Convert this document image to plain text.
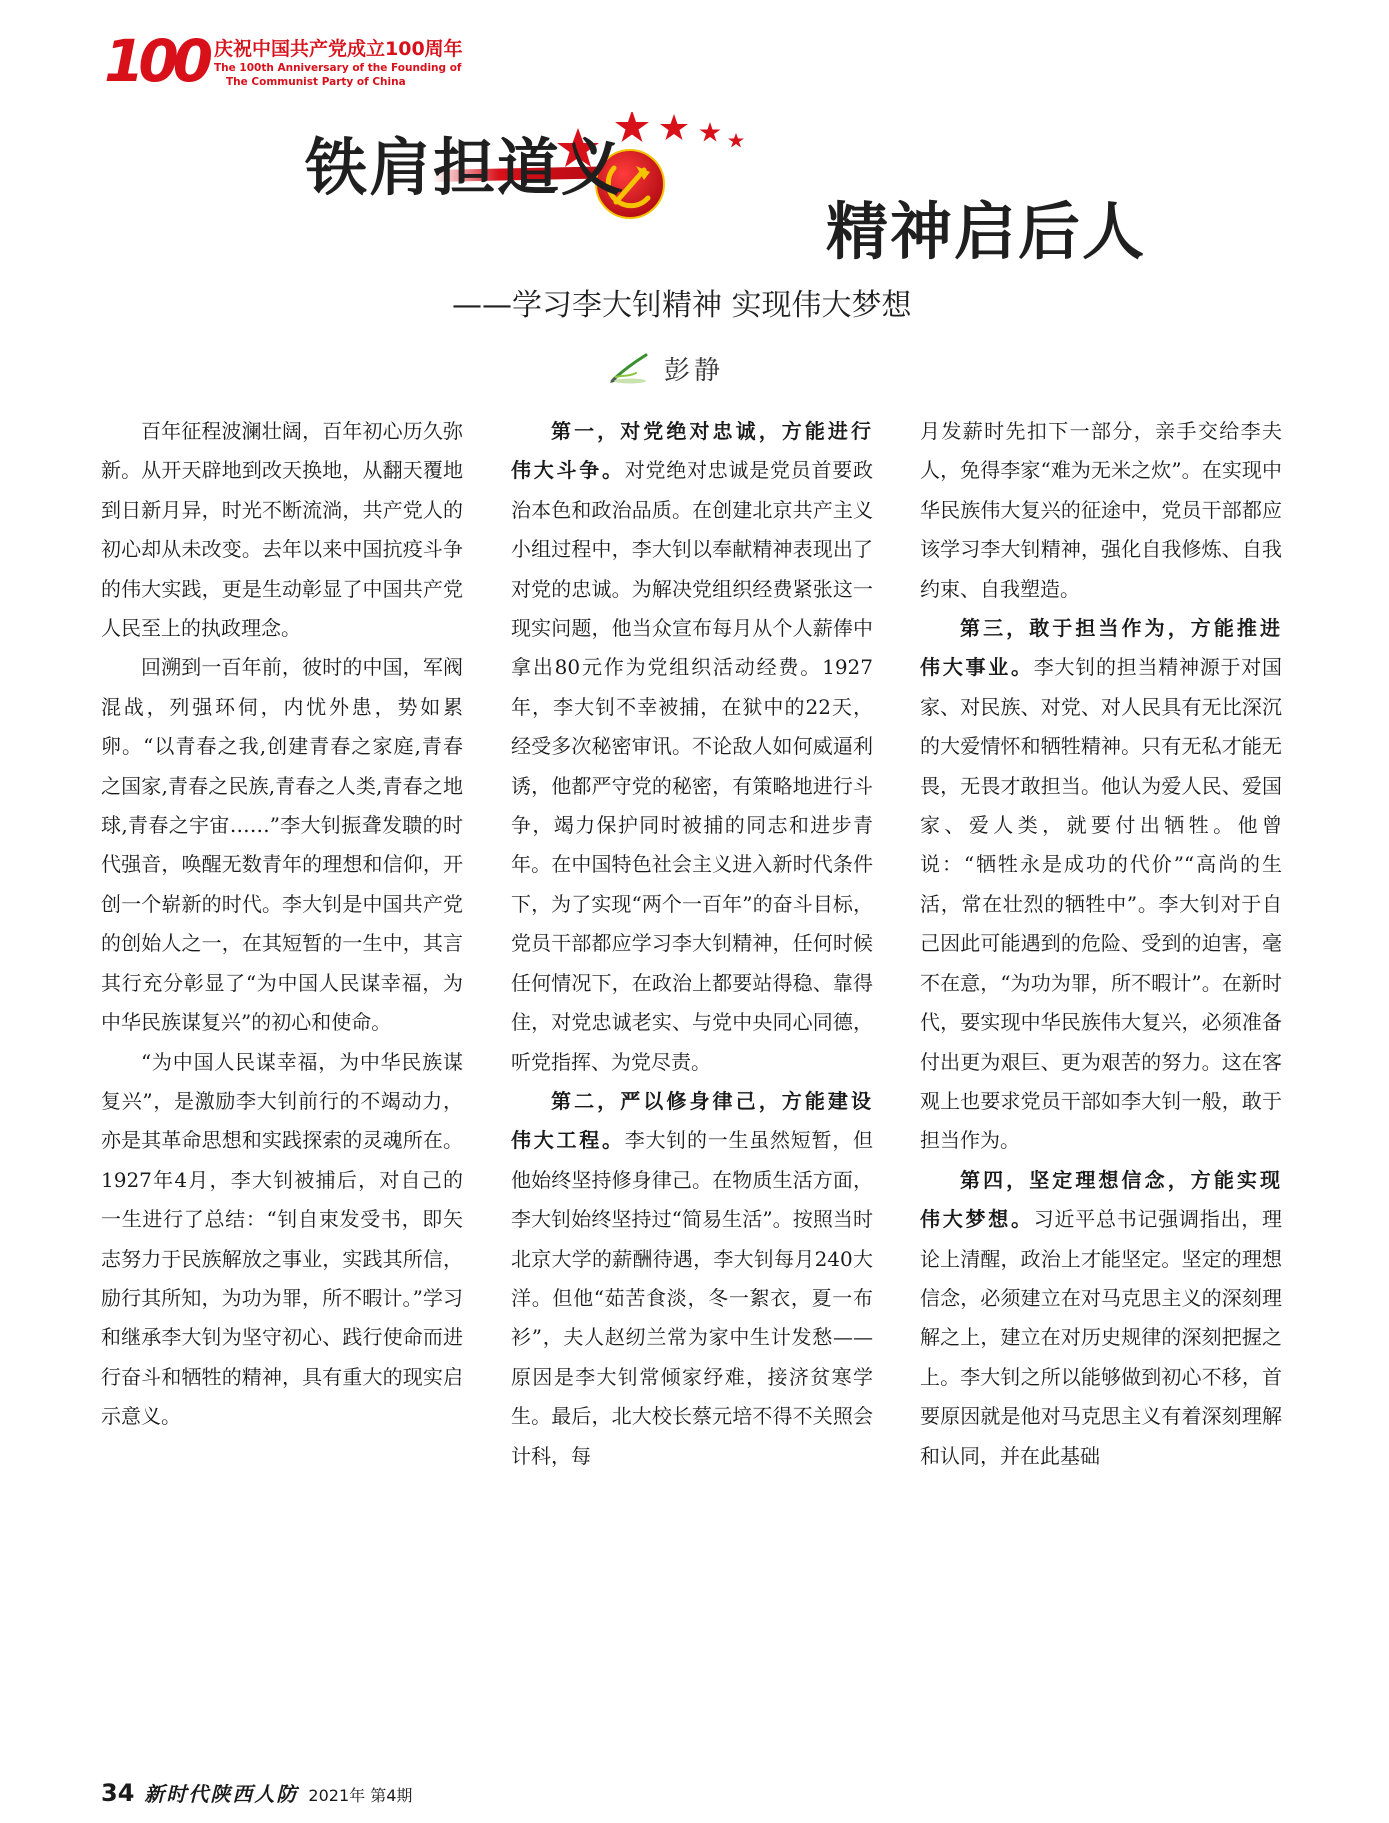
100 庆祝中国共产党成立100周年
The 100th Anniversary of the Founding of
The Communist Party of China
铁肩担道义
精神启后人
——学习李大钊精神 实现伟大梦想
彭静

百年征程波澜壮阔，百年初心历久弥新。从开天辟地到改天换地，从翻天覆地到日新月异，时光不断流淌，共产党人的初心却从未改变。去年以来中国抗疫斗争的伟大实践，更是生动彰显了中国共产党人民至上的执政理念。

回溯到一百年前，彼时的中国，军阀混战，列强环伺，内忧外患，势如累卵。“以青春之我,创建青春之家庭,青春之国家,青春之民族,青春之人类,青春之地球,青春之宇宙……”李大钊振聋发聩的时代强音，唤醒无数青年的理想和信仰，开创一个崭新的时代。李大钊是中国共产党的创始人之一，在其短暂的一生中，其言其行充分彰显了“为中国人民谋幸福，为中华民族谋复兴”的初心和使命。

“为中国人民谋幸福，为中华民族谋复兴”，是激励李大钊前行的不竭动力，亦是其革命思想和实践探索的灵魂所在。1927年4月，李大钊被捕后，对自己的一生进行了总结：“钊自束发受书，即矢志努力于民族解放之事业，实践其所信，励行其所知，为功为罪，所不暇计。”学习和继承李大钊为坚守初心、践行使命而进行奋斗和牺牲的精神，具有重大的现实启示意义。

第一，对党绝对忠诚，方能进行伟大斗争。对党绝对忠诚是党员首要政治本色和政治品质。在创建北京共产主义小组过程中，李大钊以奉献精神表现出了对党的忠诚。为解决党组织经费紧张这一现实问题，他当众宣布每月从个人薪俸中拿出80元作为党组织活动经费。1927年，李大钊不幸被捕，在狱中的22天，经受多次秘密审讯。不论敌人如何威逼利诱，他都严守党的秘密，有策略地进行斗争，竭力保护同时被捕的同志和进步青年。在中国特色社会主义进入新时代条件下，为了实现“两个一百年”的奋斗目标，党员干部都应学习李大钊精神，任何时候任何情况下，在政治上都要站得稳、靠得住，对党忠诚老实、与党中央同心同德，听党指挥、为党尽责。

第二，严以修身律己，方能建设伟大工程。李大钊的一生虽然短暂，但他始终坚持修身律己。在物质生活方面，李大钊始终坚持过“简易生活”。按照当时北京大学的薪酬待遇，李大钊每月240大洋。但他“茹苦食淡，冬一絮衣，夏一布衫”，夫人赵纫兰常为家中生计发愁——原因是李大钊常倾家纾难，接济贫寒学生。最后，北大校长蔡元培不得不关照会计科，每

月发薪时先扣下一部分，亲手交给李夫人，免得李家“难为无米之炊”。在实现中华民族伟大复兴的征途中，党员干部都应该学习李大钊精神，强化自我修炼、自我约束、自我塑造。

第三，敢于担当作为，方能推进伟大事业。李大钊的担当精神源于对国家、对民族、对党、对人民具有无比深沉的大爱情怀和牺牲精神。只有无私才能无畏，无畏才敢担当。他认为爱人民、爱国家、爱人类，就要付出牺牲。他曾说：“牺牲永是成功的代价”“高尚的生活，常在壮烈的牺牲中”。李大钊对于自己因此可能遇到的危险、受到的迫害，毫不在意，“为功为罪，所不暇计”。在新时代，要实现中华民族伟大复兴，必须准备付出更为艰巨、更为艰苦的努力。这在客观上也要求党员干部如李大钊一般，敢于担当作为。

第四，坚定理想信念，方能实现伟大梦想。习近平总书记强调指出，理论上清醒，政治上才能坚定。坚定的理想信念，必须建立在对马克思主义的深刻理解之上，建立在对历史规律的深刻把握之上。李大钊之所以能够做到初心不移，首要原因就是他对马克思主义有着深刻理解和认同，并在此基础

34 新时代陕西人防 2021年 第4期
